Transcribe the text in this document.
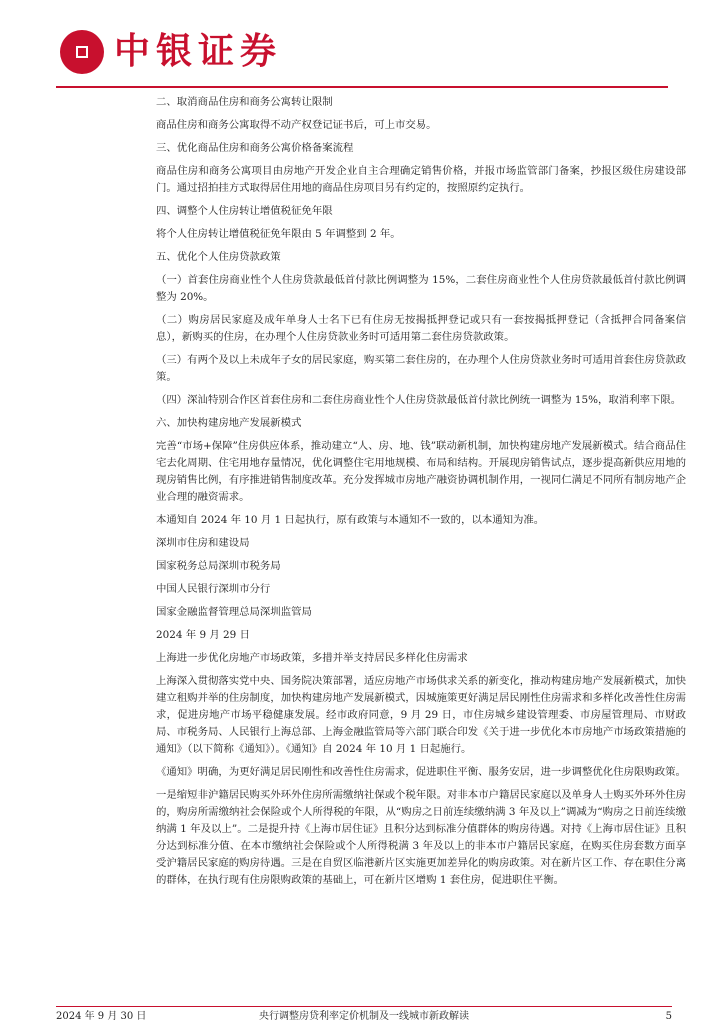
中银证券

二、取消商品住房和商务公寓转让限制

商品住房和商务公寓取得不动产权登记证书后，可上市交易。

三、优化商品住房和商务公寓价格备案流程

商品住房和商务公寓项目由房地产开发企业自主合理确定销售价格，并报市场监管部门备案，抄报区级住房建设部门。通过招拍挂方式取得居住用地的商品住房项目另有约定的，按照原约定执行。

四、调整个人住房转让增值税征免年限

将个人住房转让增值税征免年限由 5 年调整到 2 年。

五、优化个人住房贷款政策

（一）首套住房商业性个人住房贷款最低首付款比例调整为 15%，二套住房商业性个人住房贷款最低首付款比例调整为 20%。

（二）购房居民家庭及成年单身人士名下已有住房无按揭抵押登记或只有一套按揭抵押登记（含抵押合同备案信息），新购买的住房，在办理个人住房贷款业务时可适用第二套住房贷款政策。

（三）有两个及以上未成年子女的居民家庭，购买第二套住房的，在办理个人住房贷款业务时可适用首套住房贷款政策。

（四）深汕特别合作区首套住房和二套住房商业性个人住房贷款最低首付款比例统一调整为 15%，取消利率下限。

六、加快构建房地产发展新模式

完善“市场+保障”住房供应体系，推动建立“人、房、地、钱”联动新机制，加快构建房地产发展新模式。结合商品住宅去化周期、住宅用地存量情况，优化调整住宅用地规模、布局和结构。开展现房销售试点，逐步提高新供应用地的现房销售比例，有序推进销售制度改革。充分发挥城市房地产融资协调机制作用，一视同仁满足不同所有制房地产企业合理的融资需求。

本通知自 2024 年 10 月 1 日起执行，原有政策与本通知不一致的，以本通知为准。

深圳市住房和建设局

国家税务总局深圳市税务局

中国人民银行深圳市分行

国家金融监督管理总局深圳监管局

2024 年 9 月 29 日

上海进一步优化房地产市场政策，多措并举支持居民多样化住房需求

上海深入贯彻落实党中央、国务院决策部署，适应房地产市场供求关系的新变化，推动构建房地产发展新模式，加快建立租购并举的住房制度，加快构建房地产发展新模式，因城施策更好满足居民刚性住房需求和多样化改善性住房需求，促进房地产市场平稳健康发展。经市政府同意，9 月 29 日，市住房城乡建设管理委、市房屋管理局、市财政局、市税务局、人民银行上海总部、上海金融监管局等六部门联合印发《关于进一步优化本市房地产市场政策措施的通知》（以下简称《通知》）。《通知》自 2024 年 10 月 1 日起施行。

《通知》明确，为更好满足居民刚性和改善性住房需求，促进职住平衡、服务安居，进一步调整优化住房限购政策。

一是缩短非沪籍居民购买外环外住房所需缴纳社保或个税年限。对非本市户籍居民家庭以及单身人士购买外环外住房的，购房所需缴纳社会保险或个人所得税的年限，从“购房之日前连续缴纳满 3 年及以上”调减为“购房之日前连续缴纳满 1 年及以上”。二是提升持《上海市居住证》且积分达到标准分值群体的购房待遇。对持《上海市居住证》且积分达到标准分值、在本市缴纳社会保险或个人所得税满 3 年及以上的非本市户籍居民家庭，在购买住房套数方面享受沪籍居民家庭的购房待遇。三是在自贸区临港新片区实施更加差异化的购房政策。对在新片区工作、存在职住分离的群体，在执行现有住房限购政策的基础上，可在新片区增购 1 套住房，促进职住平衡。

2024 年 9 月 30 日	央行调整房贷利率定价机制及一线城市新政解读	5
